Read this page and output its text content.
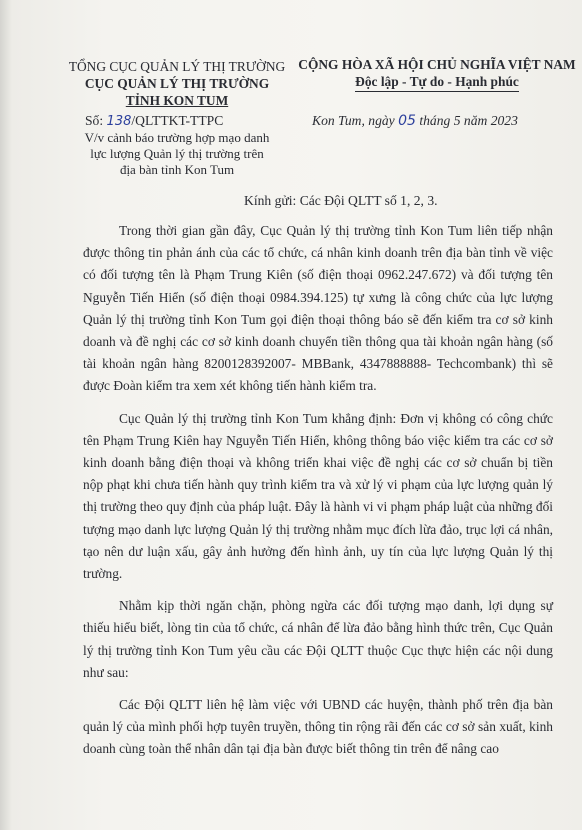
TỔNG CỤC QUẢN LÝ THỊ TRƯỜNG
CỤC QUẢN LÝ THỊ TRƯỜNG
TỈNH KON TUM
CỘNG HÒA XÃ HỘI CHỦ NGHĨA VIỆT NAM
Độc lập - Tự do - Hạnh phúc
Số: 138/QLTTKT-TTPC	Kon Tum, ngày 05 tháng 5 năm 2023
V/v cảnh báo trường hợp mạo danh
lực lượng Quản lý thị trường trên
địa bàn tỉnh Kon Tum
Kính gửi: Các Đội QLTT số 1, 2, 3.

Trong thời gian gần đây, Cục Quản lý thị trường tỉnh Kon Tum liên tiếp nhận được thông tin phản ánh của các tổ chức, cá nhân kinh doanh trên địa bàn tỉnh về việc có đối tượng tên là Phạm Trung Kiên (số điện thoại 0962.247.672) và đối tượng tên Nguyễn Tiến Hiển (số điện thoại 0984.394.125) tự xưng là công chức của lực lượng Quản lý thị trường tỉnh Kon Tum gọi điện thoại thông báo sẽ đến kiểm tra cơ sở kinh doanh và đề nghị các cơ sở kinh doanh chuyển tiền thông qua tài khoản ngân hàng (số tài khoản ngân hàng 8200128392007- MBBank, 4347888888- Techcombank) thì sẽ được Đoàn kiểm tra xem xét không tiến hành kiểm tra.

Cục Quản lý thị trường tỉnh Kon Tum khẳng định: Đơn vị không có công chức tên Phạm Trung Kiên hay Nguyễn Tiến Hiển, không thông báo việc kiểm tra các cơ sở kinh doanh bằng điện thoại và không triển khai việc đề nghị các cơ sở chuẩn bị tiền nộp phạt khi chưa tiến hành quy trình kiểm tra và xử lý vi phạm của lực lượng quản lý thị trường theo quy định của pháp luật. Đây là hành vi vi phạm pháp luật của những đối tượng mạo danh lực lượng Quản lý thị trường nhằm mục đích lừa đảo, trục lợi cá nhân, tạo nên dư luận xấu, gây ảnh hưởng đến hình ảnh, uy tín của lực lượng Quản lý thị trường.

Nhằm kịp thời ngăn chặn, phòng ngừa các đối tượng mạo danh, lợi dụng sự thiếu hiểu biết, lòng tin của tổ chức, cá nhân để lừa đảo bằng hình thức trên, Cục Quản lý thị trường tỉnh Kon Tum yêu cầu các Đội QLTT thuộc Cục thực hiện các nội dung như sau:

Các Đội QLTT liên hệ làm việc với UBND các huyện, thành phố trên địa bàn quản lý của mình phối hợp tuyên truyền, thông tin rộng rãi đến các cơ sở sản xuất, kinh doanh cùng toàn thể nhân dân tại địa bàn được biết thông tin trên để nâng cao
